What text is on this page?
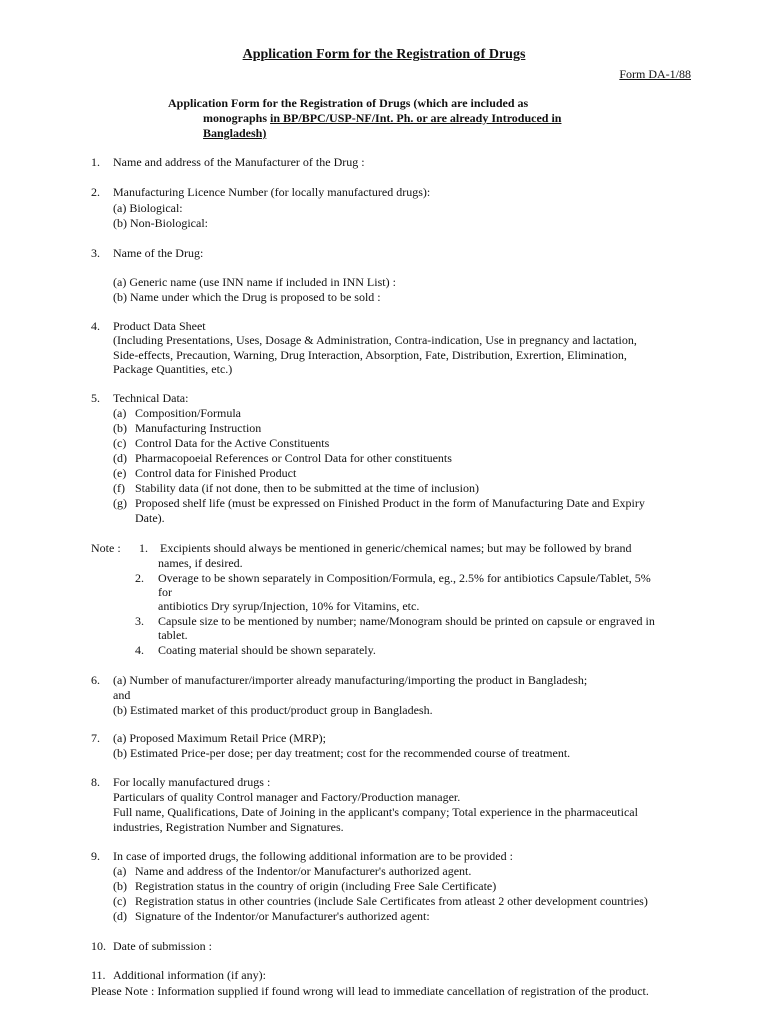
Application Form for the Registration of Drugs
Form DA-1/88
Application Form for the Registration of Drugs (which are included as
monographs in BP/BPC/USP-NF/Int. Ph. or are already Introduced in
Bangladesh)
1. Name and address of the Manufacturer of the Drug :
2. Manufacturing Licence Number (for locally manufactured drugs):
(a) Biological:
(b) Non-Biological:
3. Name of the Drug:
(a) Generic name (use INN name if included in INN List) :
(b) Name under which the Drug is proposed to be sold :
4. Product Data Sheet
(Including Presentations, Uses, Dosage & Administration, Contra-indication, Use in pregnancy and lactation,
Side-effects, Precaution, Warning, Drug Interaction, Absorption, Fate, Distribution, Exrertion, Elimination,
Package Quantities, etc.)
5. Technical Data:
(a) Composition/Formula
(b) Manufacturing Instruction
(c) Control Data for the Active Constituents
(d) Pharmacopoeial References or Control Data for other constituents
(e) Control data for Finished Product
(f) Stability data (if not done, then to be submitted at the time of inclusion)
(g) Proposed shelf life (must be expressed on Finished Product in the form of Manufacturing Date and Expiry
Date).
Note : 1. Excipients should always be mentioned in generic/chemical names; but may be followed by brand
names, if desired.
2. Overage to be shown separately in Composition/Formula, eg., 2.5% for antibiotics Capsule/Tablet, 5%
for
antibiotics Dry syrup/Injection, 10% for Vitamins, etc.
3. Capsule size to be mentioned by number; name/Monogram should be printed on capsule or engraved in
tablet.
4. Coating material should be shown separately.
6. (a) Number of manufacturer/importer already manufacturing/importing the product in Bangladesh;
and
(b) Estimated market of this product/product group in Bangladesh.
7. (a) Proposed Maximum Retail Price (MRP);
(b) Estimated Price-per dose; per day treatment; cost for the recommended course of treatment.
8. For locally manufactured drugs :
Particulars of quality Control manager and Factory/Production manager.
Full name, Qualifications, Date of Joining in the applicant's company; Total experience in the pharmaceutical
industries, Registration Number and Signatures.
9. In case of imported drugs, the following additional information are to be provided :
(a) Name and address of the Indentor/or Manufacturer's authorized agent.
(b) Registration status in the country of origin (including Free Sale Certificate)
(c) Registration status in other countries (include Sale Certificates from atleast 2 other development countries)
(d) Signature of the Indentor/or Manufacturer's authorized agent:
10. Date of submission :
11. Additional information (if any):
Please Note : Information supplied if found wrong will lead to immediate cancellation of registration of the product.
